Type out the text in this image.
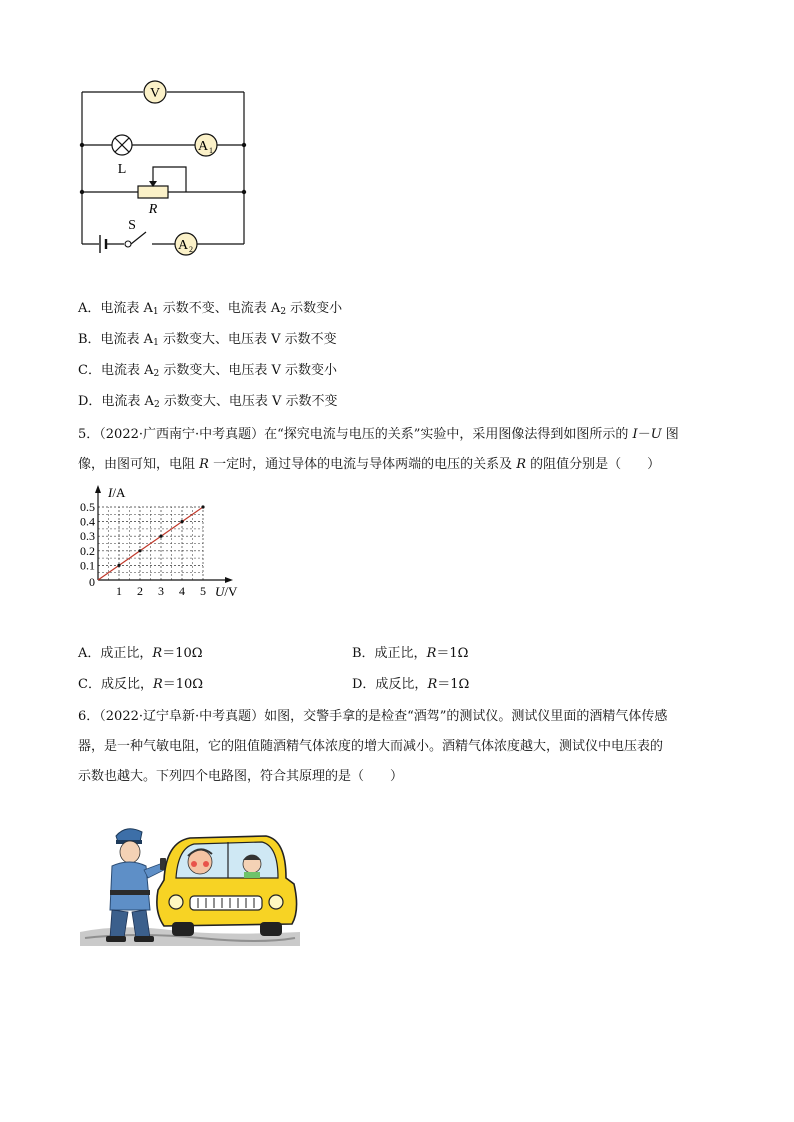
V
L
A 1
R
S
A 2
A．电流表 $A_1$ 示数不变、电流表 $A_2$ 示数变小
B．电流表 $A_1$ 示数变大、电压表 V 示数不变
C．电流表 $A_2$ 示数变大、电压表 V 示数变小
D．电流表 $A_2$ 示数变大、电压表 V 示数不变
5．（2022·广西南宁·中考真题）在“探究电流与电压的关系”实验中，采用图像法得到如图所示的 I－U 图
像，由图可知，电阻 R 一定时，通过导体的电流与导体两端的电压的关系及 R 的阻值分别是（　　）
1 2 3 4 5
0.1
0.2
0.3
0.4
0.5
I/A
U/V
0
A．成正比，R＝10Ω	B．成正比，R＝1Ω
C．成反比，R＝10Ω	D．成反比，R＝1Ω
6．（2022·辽宁阜新·中考真题）如图，交警手拿的是检查“酒驾”的测试仪。测试仪里面的酒精气体传感
器，是一种气敏电阻，它的阻值随酒精气体浓度的增大而减小。酒精气体浓度越大，测试仪中电压表的
示数也越大。下列四个电路图，符合其原理的是（　　）
